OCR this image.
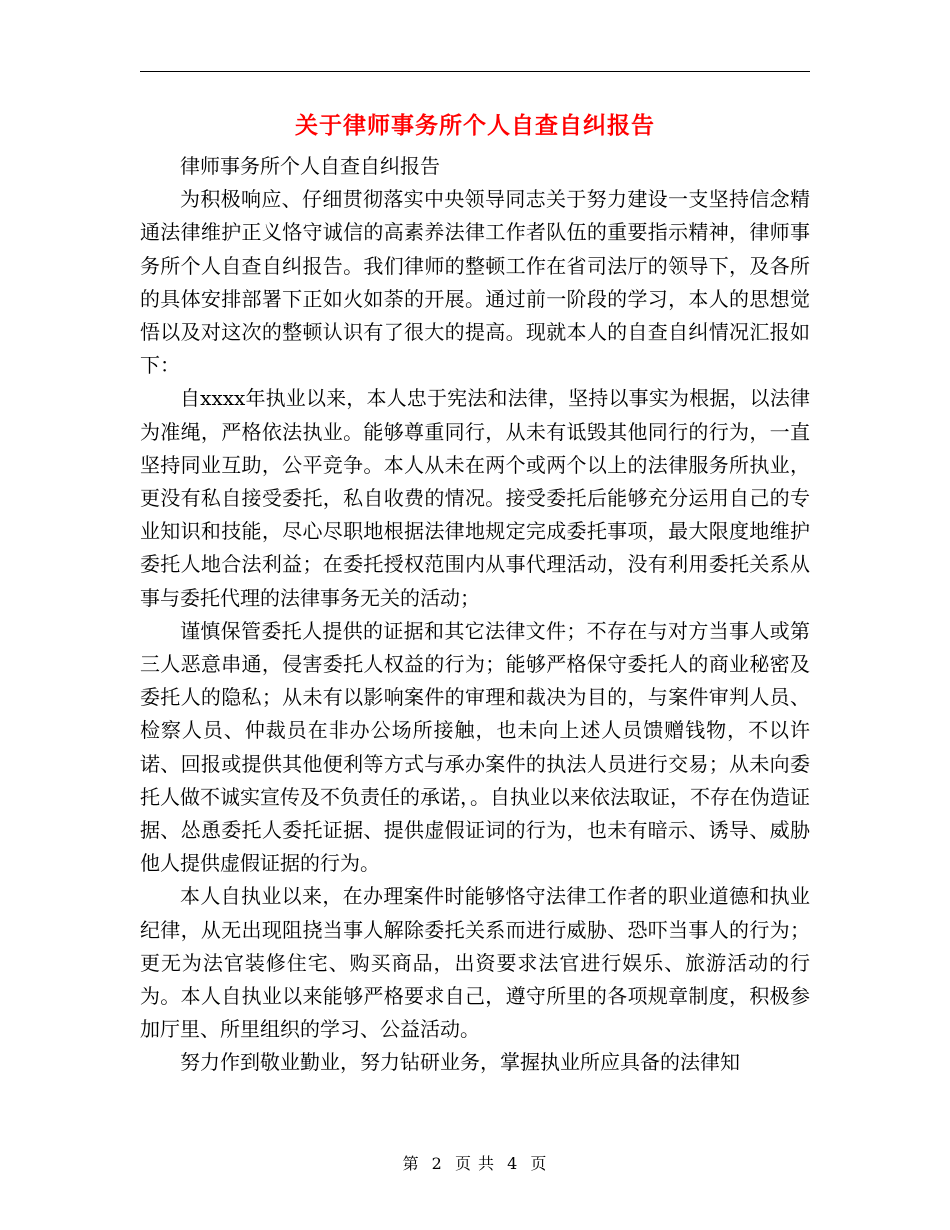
关于律师事务所个人自查自纠报告

律师事务所个人自查自纠报告

为积极响应、仔细贯彻落实中央领导同志关于努力建设一支坚持信念精通法律维护正义恪守诚信的高素养法律工作者队伍的重要指示精神，律师事务所个人自查自纠报告。我们律师的整顿工作在省司法厅的领导下，及各所的具体安排部署下正如火如荼的开展。通过前一阶段的学习，本人的思想觉悟以及对这次的整顿认识有了很大的提高。现就本人的自查自纠情况汇报如下：

自xxxx年执业以来，本人忠于宪法和法律，坚持以事实为根据，以法律为准绳，严格依法执业。能够尊重同行，从未有诋毁其他同行的行为，一直坚持同业互助，公平竞争。本人从未在两个或两个以上的法律服务所执业，更没有私自接受委托，私自收费的情况。接受委托后能够充分运用自己的专业知识和技能，尽心尽职地根据法律地规定完成委托事项，最大限度地维护委托人地合法利益；在委托授权范围内从事代理活动，没有利用委托关系从事与委托代理的法律事务无关的活动；

谨慎保管委托人提供的证据和其它法律文件；不存在与对方当事人或第三人恶意串通，侵害委托人权益的行为；能够严格保守委托人的商业秘密及委托人的隐私；从未有以影响案件的审理和裁决为目的，与案件审判人员、检察人员、仲裁员在非办公场所接触，也未向上述人员馈赠钱物，不以许诺、回报或提供其他便利等方式与承办案件的执法人员进行交易；从未向委托人做不诚实宣传及不负责任的承诺，。自执业以来依法取证，不存在伪造证据、怂恿委托人委托证据、提供虚假证词的行为，也未有暗示、诱导、威胁他人提供虚假证据的行为。

本人自执业以来，在办理案件时能够恪守法律工作者的职业道德和执业纪律，从无出现阻挠当事人解除委托关系而进行威胁、恐吓当事人的行为；更无为法官装修住宅、购买商品，出资要求法官进行娱乐、旅游活动的行为。本人自执业以来能够严格要求自己，遵守所里的各项规章制度，积极参加厅里、所里组织的学习、公益活动。

努力作到敬业勤业，努力钻研业务，掌握执业所应具备的法律知

第 2 页 共 4 页
